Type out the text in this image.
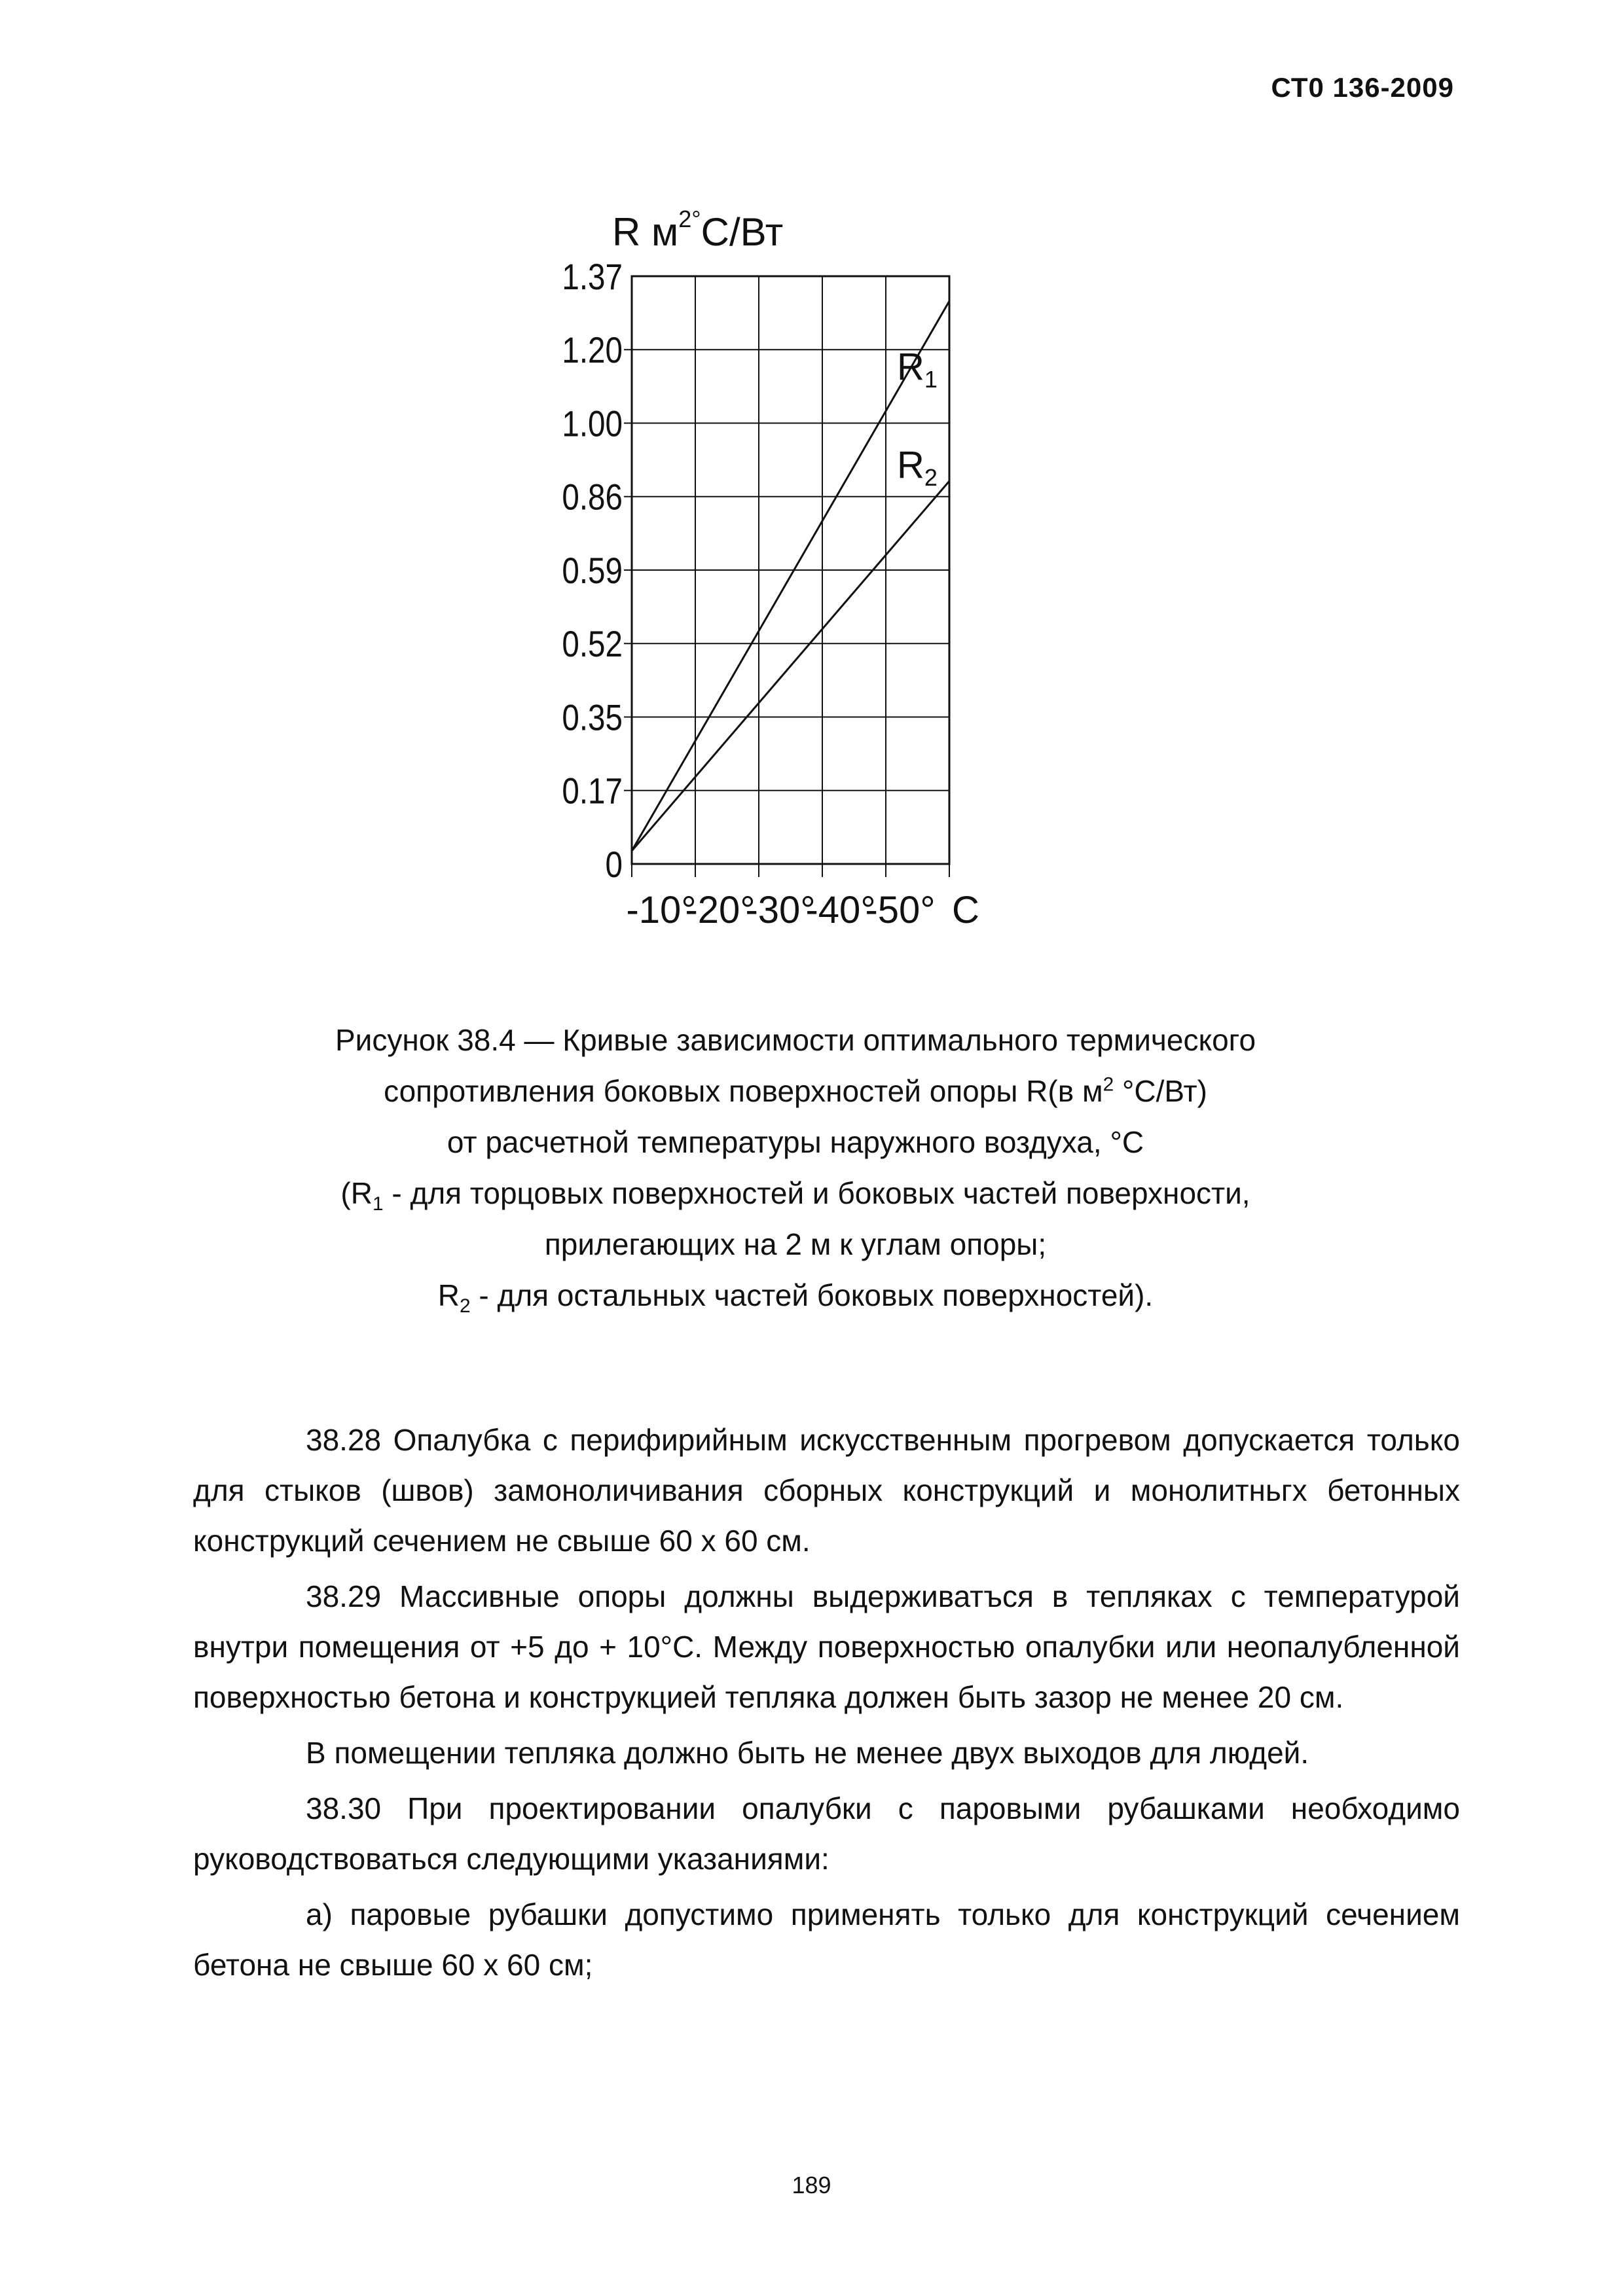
СТ0 136-2009
0
0.17
0.35
0.52
0.59
0.86
1.00
1.20
1.37
R $м^{2^\circ}С/Вт$
-10°
-20°
-30°
-40°
-50° С
$R_1$
$R_2$
Рисунок 38.4 — Кривые зависимости оптимального термического
сопротивления боковых поверхностей опоры R(в $м^2$ °С/Вт)
от расчетной температуры наружного воздуха, °С
($R_1$ - для торцовых поверхностей и боковых частей поверхности,
прилегающих на 2 м к углам опоры;
$R_2$ - для остальных частей боковых поверхностей).

38.28 Опалубка с перифирийным искусственным прогревом допускается только для стыков (швов) замоноличивания сборных конструкций и монолитньгх бетонных конструкций сечением не свыше 60 х 60 см.

38.29 Массивные опоры должны выдерживатъся в тепляках с температурой внутри помещения от +5 до + 10°С. Между поверхностью опалубки или неопалубленной поверхностью бетона и конструкцией тепляка должен быть зазор не менее 20 см.

В помещении тепляка должно быть не менее двух выходов для людей.

38.30 При проектировании опалубки с паровыми рубашками необходимо руководствоваться следующими указаниями:

а) паровые рубашки допустимо применять только для конструкций сечением бетона не свыше 60 х 60 см;

189
